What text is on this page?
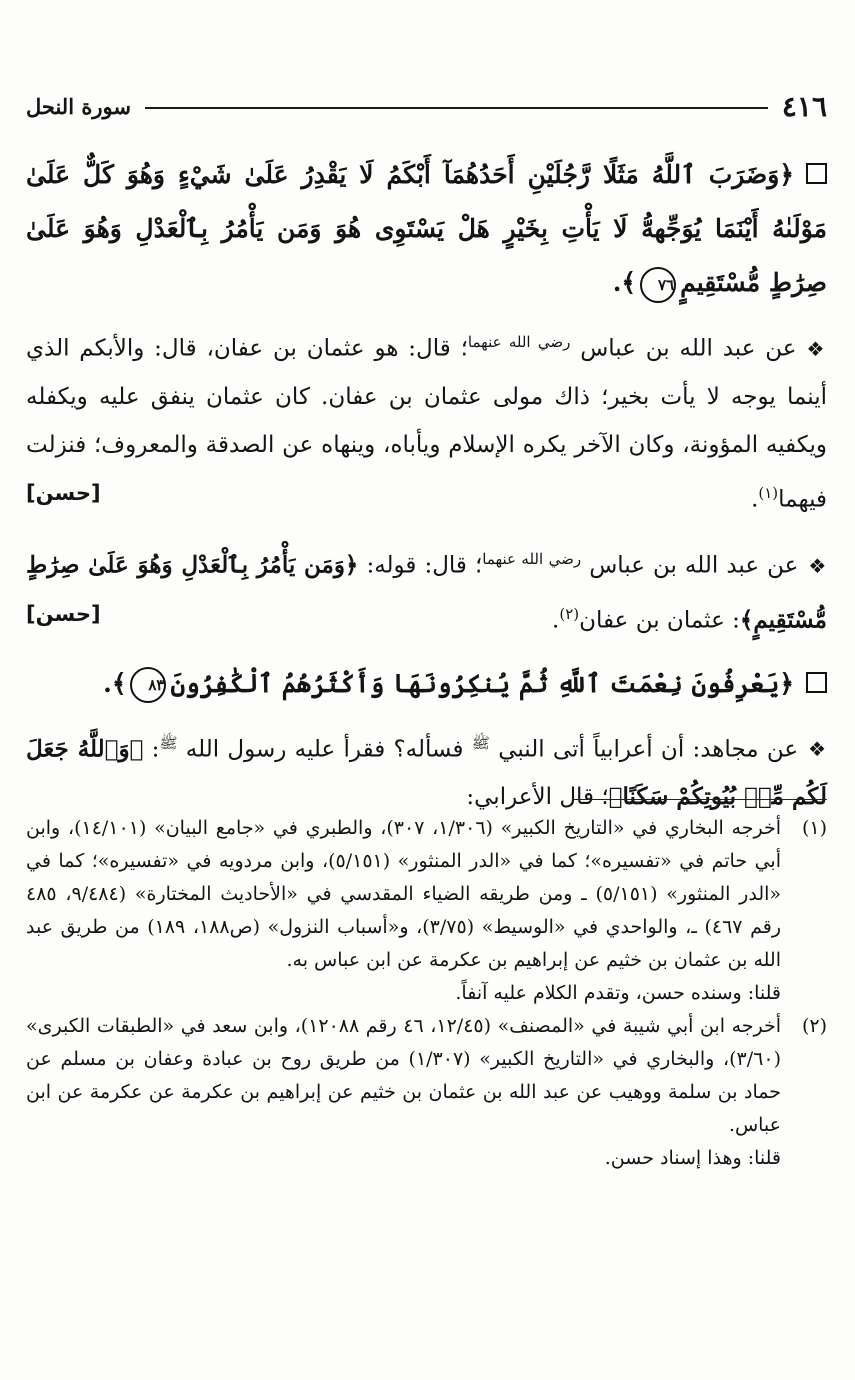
٤١٦
سورة النحل
﴿وَضَرَبَ ٱللَّهُ مَثَلًا رَّجُلَيْنِ أَحَدُهُمَآ أَبْكَمُ لَا يَقْدِرُ عَلَىٰ شَيْءٍ وَهُوَ كَلٌّ عَلَىٰ مَوْلَىٰهُ أَيْنَمَا يُوَجِّههُّ لَا يَأْتِ بِخَيْرٍ هَلْ يَسْتَوِى هُوَ وَمَن يَأْمُرُ بِٱلْعَدْلِ وَهُوَ عَلَىٰ صِرَٰطٍ مُّسْتَقِيمٍ٧٦﴾.
❖عن عبد الله بن عباس $^{رضي الله عنهما}$؛ قال: هو عثمان بن عفان، قال: والأبكم الذي أينما يوجه لا يأت بخير؛ ذاك مولى عثمان بن عفان. كان عثمان ينفق عليه ويكفله ويكفيه المؤونة، وكان الآخر يكره الإسلام ويأباه، وينهاه عن الصدقة والمعروف؛ فنزلت فيهما$^{(١)}$.
[حسن]
❖عن عبد الله بن عباس $^{رضي الله عنهما}$؛ قال: قوله: ﴿وَمَن يَأْمُرُ بِٱلْعَدْلِ وَهُوَ عَلَىٰ صِرَٰطٍ مُّسْتَقِيمٍ﴾: عثمان بن عفان$^{(٢)}$.
[حسن]
﴿يَعْرِفُونَ نِعْمَتَ ٱللَّهِ ثُمَّ يُنكِرُونَهَا وَأَكْثَرُهُمُ ٱلْكَٰفِرُونَ٨٣﴾.
❖عن مجاهد: أن أعرابياً أتى النبي $^ﷺ$ فسأله؟ فقرأ عليه رسول الله $^ﷺ$: ﴿وَٱللَّهُ جَعَلَ لَكُم مِّنۢ بُيُوتِكُمْ سَكَنًا﴾؛ قال الأعرابي:
(١)
أخرجه البخاري في «التاريخ الكبير» (١/٣٠٦، ٣٠٧)، والطبري في «جامع البيان» (١٤/١٠١)، وابن أبي حاتم في «تفسيره»؛ كما في «الدر المنثور» (٥/١٥١)، وابن مردويه في «تفسيره»؛ كما في «الدر المنثور» (٥/١٥١) ـ ومن طريقه الضياء المقدسي في «الأحاديث المختارة» (٩/٤٨٤، ٤٨٥ رقم ٤٦٧) ـ، والواحدي في «الوسيط» (٣/٧٥)، و«أسباب النزول» (ص١٨٨، ١٨٩) من طريق عبد الله بن عثمان بن خثيم عن إبراهيم بن عكرمة عن ابن عباس به.
قلنا: وسنده حسن، وتقدم الكلام عليه آنفاً.
(٢)
أخرجه ابن أبي شيبة في «المصنف» (١٢/٤٥، ٤٦ رقم ١٢٠٨٨)، وابن سعد في «الطبقات الكبرى» (٣/٦٠)، والبخاري في «التاريخ الكبير» (١/٣٠٧) من طريق روح بن عبادة وعفان بن مسلم عن حماد بن سلمة ووهيب عن عبد الله بن عثمان بن خثيم عن إبراهيم بن عكرمة عن عكرمة عن ابن عباس.
قلنا: وهذا إسناد حسن.
